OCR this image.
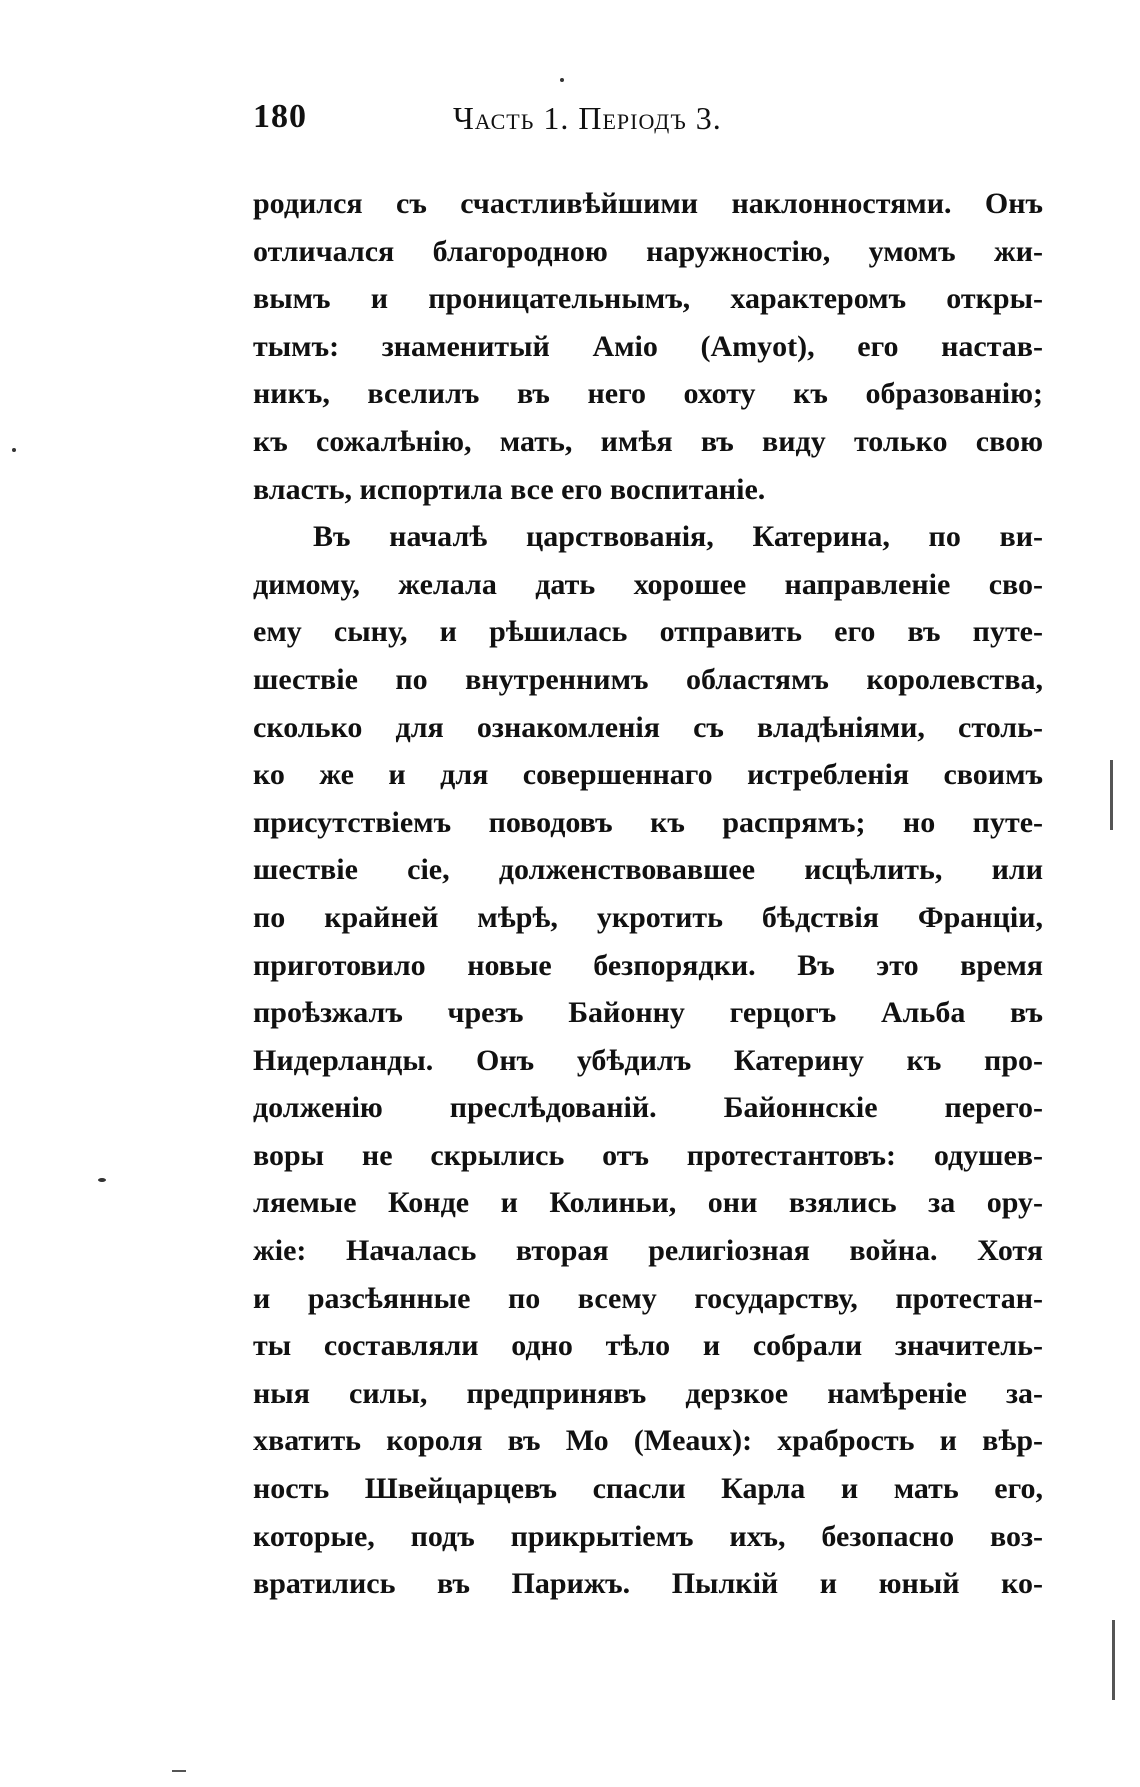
180	Часть 1. Періодъ 3.
родился съ счастливѣйшими наклонностями. Онъ
отличался благородною наружностію, умомъ жи-
вымъ и проницательнымъ, характеромъ откры-
тымъ: знаменитый Аміо (Amyot), его настав-
никъ, вселилъ въ него охоту къ образованію;
къ сожалѣнію, мать, имѣя въ виду только свою
власть, испортила все его воспитаніе.
Въ началѣ царствованія, Катерина, по ви-
димому, желала дать хорошее направленіе сво-
ему сыну, и рѣшилась отправить его въ путе-
шествіе по внутреннимъ областямъ королевства,
сколько для ознакомленія съ владѣніями, столь-
ко же и для совершеннаго истребленія своимъ
присутствіемъ поводовъ къ распрямъ; но путе-
шествіе сіе, долженствовавшее исцѣлить, или
по крайней мѣрѣ, укротить бѣдствія Франціи,
приготовило новые безпорядки. Въ это время
проѣзжалъ чрезъ Байонну герцогъ Альба въ
Нидерланды. Онъ убѣдилъ Катерину къ про-
долженію преслѣдованій. Байоннскіе перего-
воры не скрылись отъ протестантовъ: одушев-
ляемые Конде и Колиньи, они взялись за ору-
жіе: Началась вторая религіозная война. Хотя
и разсѣянные по всему государству, протестан-
ты составляли одно тѣло и собрали значитель-
ныя силы, предпринявъ дерзкое намѣреніе за-
хватить короля въ Мо (Meaux): храбрость и вѣр-
ность Швейцарцевъ спасли Карла и мать его,
которые, подъ прикрытіемъ ихъ, безопасно воз-
вратились въ Парижъ. Пылкій и юный ко-
